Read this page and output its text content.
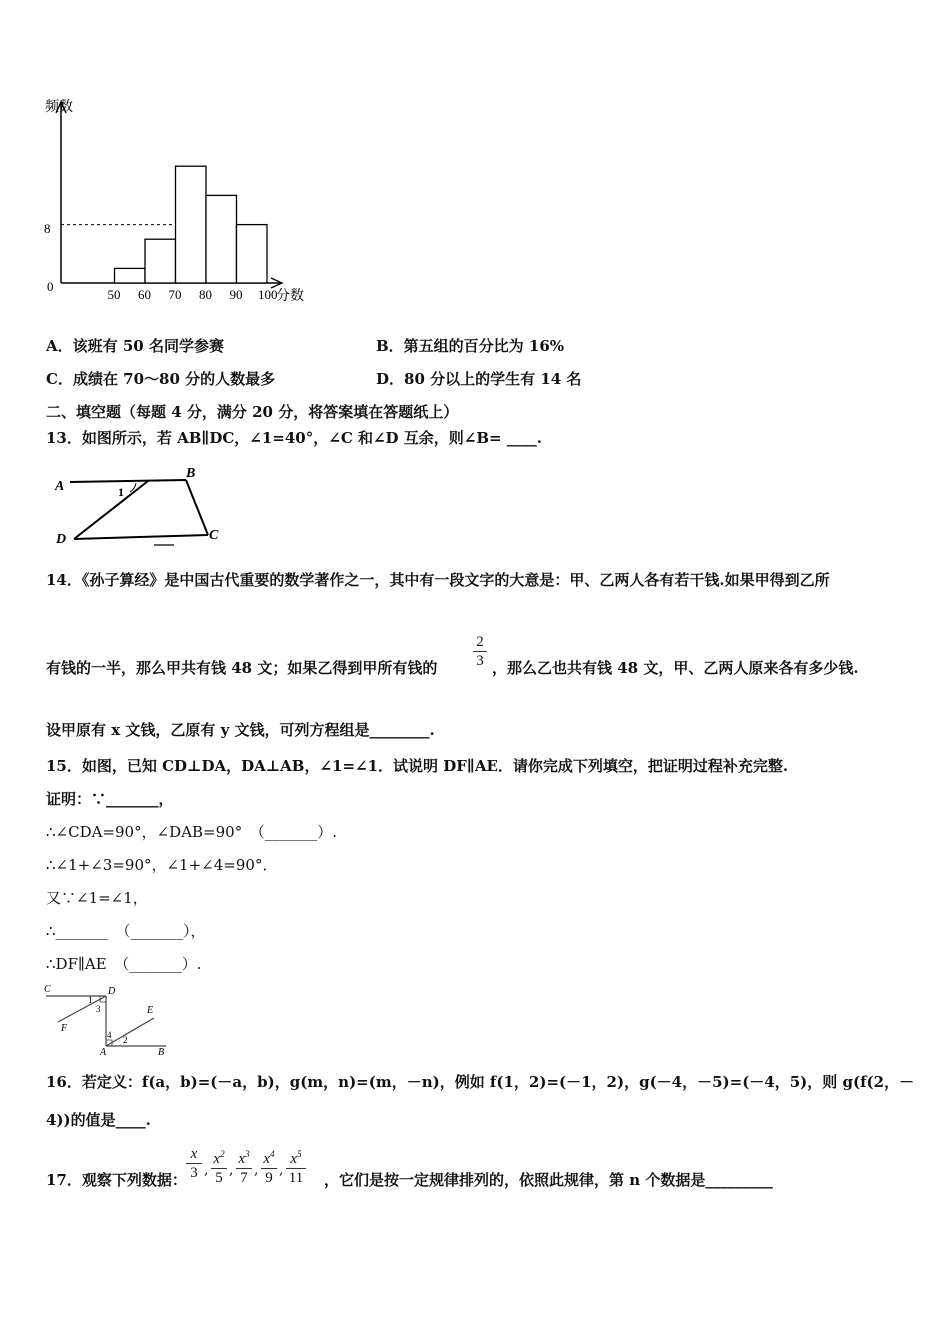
频数
分数
0
8
50 60 70 80 90 100
A．该班有 50 名同学参赛	B．第五组的百分比为 16%
C．成绩在 70～80 分的人数最多	D．80 分以上的学生有 14 名
二、填空题（每题 4 分，满分 20 分，将答案填在答题纸上）
13．如图所示，若 AB∥DC，∠1=40°，∠C 和∠D 互余，则∠B= ____.
A
B
C
D
1
14．《孙子算经》是中国古代重要的数学著作之一，其中有一段文字的大意是：甲、乙两人各有若干钱.如果甲得到乙所
有钱的一半，那么甲共有钱 48 文；如果乙得到甲所有钱的
2
3 ，那么乙也共有钱 48 文，甲、乙两人原来各有多少钱.
设甲原有 x 文钱，乙原有 y 文钱，可列方程组是________.
15．如图，已知 CD⊥DA，DA⊥AB，∠1=∠1．试说明 DF∥AE．请你完成下列填空，把证明过程补充完整.
证明：∵_______，
∴∠CDA=90°，∠DAB=90°　（_______）.
∴∠1+∠3=90°，∠1+∠4=90°．
又∵∠1=∠1，
∴_______　（_______），
∴DF∥AE　（_______）.
C	D
E
F
A	B
1
3
4 2
16．若定义：f(a，b)=(－a，b)，g(m，n)=(m，－n)，例如 f(1，2)=(－1，2)，g(－4，－5)=(－4，5)，则 g(f(2，－
4))的值是____.
17．观察下列数据：
x
3 ,
$x^2$
5 ,
$x^3$
7 ,
$x^4$
9 ,
$x^5$
11 ，它们是按一定规律排列的，依照此规律，第 n 个数据是_________
